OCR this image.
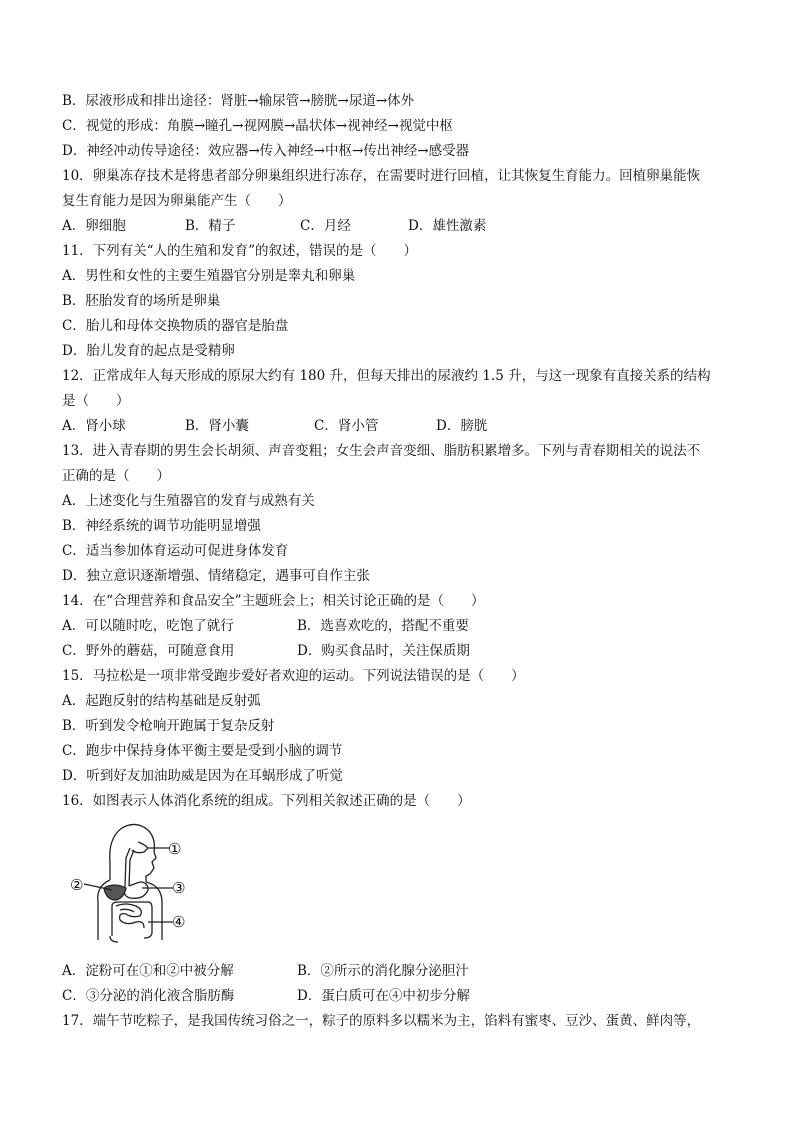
B．尿液形成和排出途径：肾脏→输尿管→膀胱→尿道→体外
C．视觉的形成：角膜→瞳孔→视网膜→晶状体→视神经→视觉中枢
D．神经冲动传导途径：效应器→传入神经→中枢→传出神经→感受器
10．卵巢冻存技术是将患者部分卵巢组织进行冻存，在需要时进行回植，让其恢复生育能力。回植卵巢能恢
复生育能力是因为卵巢能产生（　　）
A．卵细胞	B．精子	C．月经	D．雄性激素
11．下列有关“人的生殖和发育”的叙述，错误的是（　　）
A．男性和女性的主要生殖器官分别是睾丸和卵巢
B．胚胎发育的场所是卵巢
C．胎儿和母体交换物质的器官是胎盘
D．胎儿发育的起点是受精卵
12．正常成年人每天形成的原尿大约有 180 升，但每天排出的尿液约 1.5 升，与这一现象有直接关系的结构
是（　　）
A．肾小球	B．肾小囊	C．肾小管	D．膀胱
13．进入青春期的男生会长胡须、声音变粗；女生会声音变细、脂肪积累增多。下列与青春期相关的说法不
正确的是（　　）
A．上述变化与生殖器官的发育与成熟有关
B．神经系统的调节功能明显增强
C．适当参加体育运动可促进身体发育
D．独立意识逐渐增强、情绪稳定，遇事可自作主张
14．在“合理营养和食品安全”主题班会上；相关讨论正确的是（　　）
A．可以随时吃，吃饱了就行	B．选喜欢吃的，搭配不重要
C．野外的蘑菇，可随意食用	D．购买食品时，关注保质期
15．马拉松是一项非常受跑步爱好者欢迎的运动。下列说法错误的是（　　）
A．起跑反射的结构基础是反射弧
B．听到发令枪响开跑属于复杂反射
C．跑步中保持身体平衡主要是受到小脑的调节
D．听到好友加油助威是因为在耳蜗形成了听觉
16．如图表示人体消化系统的组成。下列相关叙述正确的是（　　）
①
②	③
④
A．淀粉可在①和②中被分解	B．②所示的消化腺分泌胆汁
C．③分泌的消化液含脂肪酶	D．蛋白质可在④中初步分解
17．端午节吃粽子，是我国传统习俗之一，粽子的原料多以糯米为主，馅料有蜜枣、豆沙、蛋黄、鲜肉等，
